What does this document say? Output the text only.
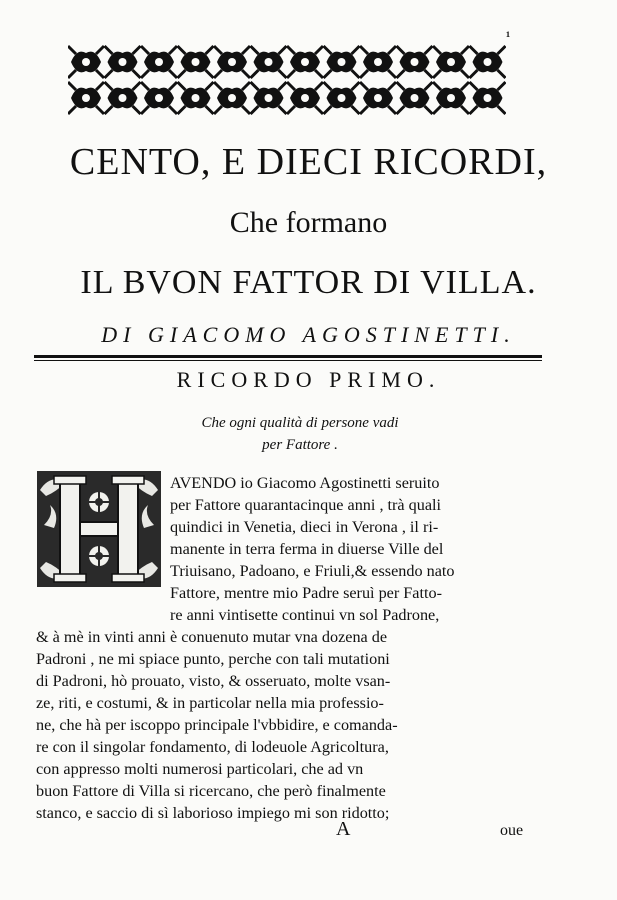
¹
CENTO, E DIECI RICORDI,
Che formano
IL BVON FATTOR DI VILLA.
DI GIACOMO AGOSTINETTI.
RICORDO PRIMO.
Che ogni qualità di persone vadi
per Fattore .
AVENDO io Giacomo Agostinetti seruito
per Fattore quarantacinque anni , trà quali
quindici in Venetia, dieci in Verona , il ri-
manente in terra ferma in diuerse Ville del
Triuisano, Padoano, e Friuli,& essendo nato
Fattore, mentre mio Padre seruì per Fatto-
re anni vintisette continui vn sol Padrone,
& à mè in vinti anni è conuenuto mutar vna dozena de
Padroni , ne mi spiace punto, perche con tali mutationi
di Padroni, hò prouato, visto, & osseruato, molte vsan-
ze, riti, e costumi, & in particolar nella mia professio-
ne, che hà per iscoppo principale l'vbbidire, e comanda-
re con il singolar fondamento, di lodeuole Agricoltura,
con appresso molti numerosi particolari, che ad vn
buon Fattore di Villa si ricercano, che però finalmente
stanco, e saccio di sì laborioso impiego mi son ridotto;
A	oue
